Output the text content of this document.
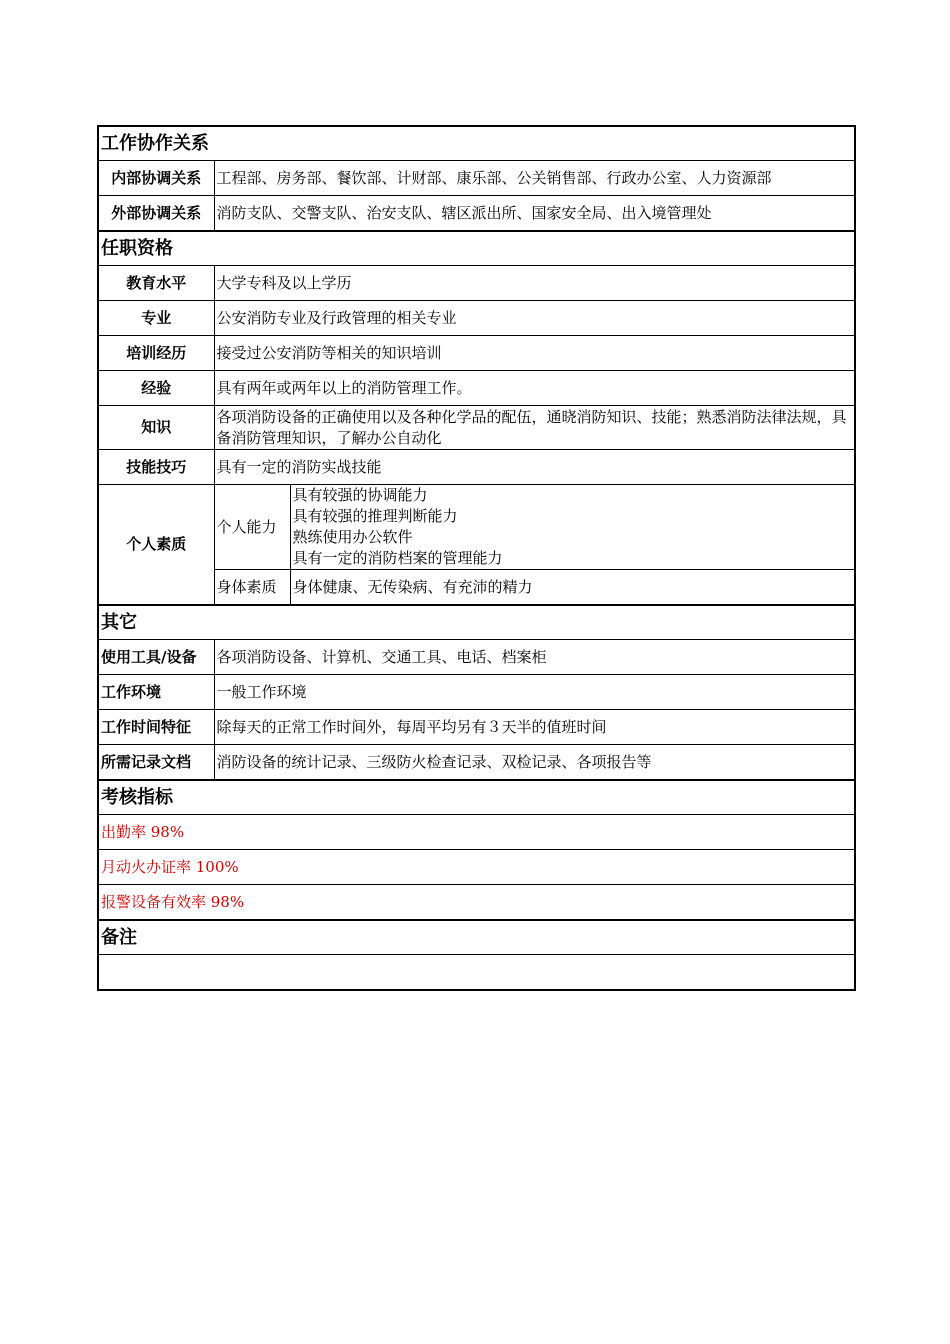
工作协作关系		
内部协调关系	工程部、房务部、餐饮部、计财部、康乐部、公关销售部、行政办公室、人力资源部	
外部协调关系	消防支队、交警支队、治安支队、辖区派出所、国家安全局、出入境管理处	
任职资格		
教育水平	大学专科及以上学历	
专业	公安消防专业及行政管理的相关专业	
培训经历	接受过公安消防等相关的知识培训	
经验	具有两年或两年以上的消防管理工作。	
知识	各项消防设备的正确使用以及各种化学品的配伍，通晓消防知识、技能；熟悉消防法律法规，具备消防管理知识，了解办公自动化	
技能技巧	具有一定的消防实战技能	
个人素质	个人能力	具有较强的协调能力
具有较强的推理判断能力
熟练使用办公软件
具有一定的消防档案的管理能力

	身体素质	身体健康、无传染病、有充沛的精力
其它		
使用工具/设备	各项消防设备、计算机、交通工具、电话、档案柜	
工作环境	一般工作环境	
工作时间特征	除每天的正常工作时间外，每周平均另有３天半的值班时间	
所需记录文档	消防设备的统计记录、三级防火检查记录、双检记录、各项报告等	
考核指标		
出勤率 98%		
月动火办证率 100%		
报警设备有效率 98%		
备注		
